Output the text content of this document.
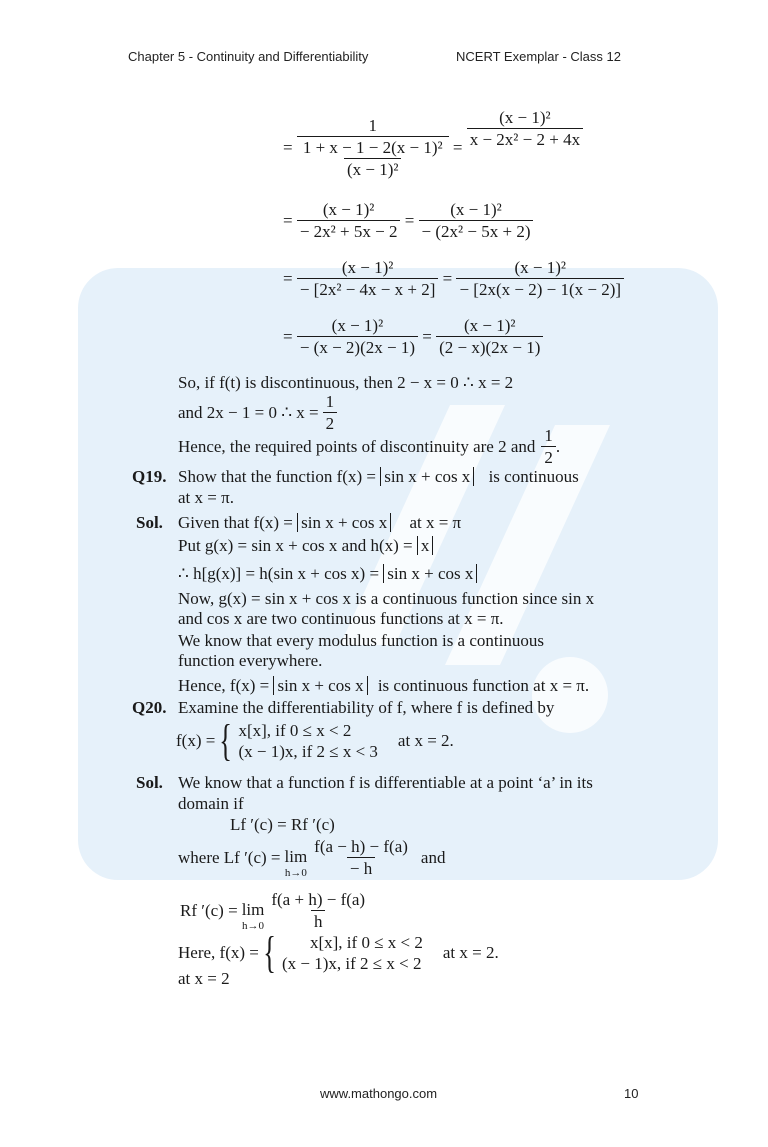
Chapter 5 - Continuity and Differentiability	NCERT Exemplar - Class 12
= $\frac{1}{\frac{\text{1 + x − 1 − 2(x − 1)²}}{\text{(x − 1)²}}} = \frac{\text{(x − 1)²}}{\text{x − 2x² − 2 + 4x}}$
= $\frac{\text{(x − 1)²}}{\text{− 2x² + 5x − 2}} = \frac{\text{(x − 1)²}}{\text{− (2x² − 5x + 2)}}$
= $\frac{\text{(x − 1)²}}{\text{− [2x² − 4x − x + 2]}} = \frac{\text{(x − 1)²}}{- [2x(x - 2) - 1(x - 2)]}$
= $\frac{\text{(x − 1)²}}{- (x - 2)(2x - 1)} = \frac{\text{(x − 1)²}}{(2 - x)(2x - 1)}$
So, if f(t) is discontinuous, then 2 − x = 0 ∴ x = 2
and 2x − 1 = 0 ∴ $x = \frac{1}{2}$
Hence, the required points of discontinuity are 2 and $\frac{1}{2}$ .
Q19. Show that the function f(x) = sin x + cos x is continuous
at x = π.
Sol. Given that f(x) = sin x + cos x at x = π
Put g(x) = sin x + cos x and h(x) = x
∴ h[g(x)] = h(sin x + cos x) = sin x + cos x
Now, g(x) = sin x + cos x is a continuous function since sin x
and cos x are two continuous functions at x = π.
We know that every modulus function is a continuous
function everywhere.
Hence, f(x) = sin x + cos x is continuous function at x = π.
Q20. Examine the differentiability of f, where f is defined by
f(x) = { x[x], if 0 ≤ x < 2
(x − 1)x, if 2 ≤ x < 3
at x = 2.
Sol. We know that a function f is differentiable at a point ‘a’ in its
domain if
Lf ′(c) = Rf ′(c)
where Lf ′(c) = lim
$h\to 0 \frac{f(a - h) - f(a)}{- h}$ and
Rf ′(c) = lim
$h\to 0 \frac{f(a + h) - f(a)}{h}$
Here, f(x) = { x[x], if 0 ≤ x < 2
(x − 1)x, if 2 ≤ x < 2
at x = 2.
at x = 2
www.mathongo.com	10
